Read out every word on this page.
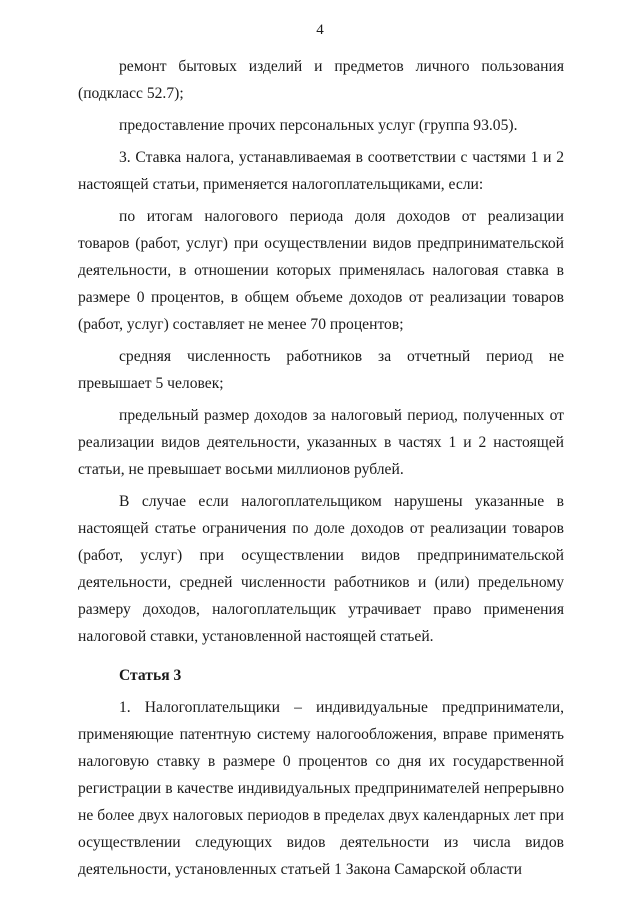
4

ремонт бытовых изделий и предметов личного пользования (подкласс 52.7);

предоставление прочих персональных услуг (группа 93.05).

3. Ставка налога, устанавливаемая в соответствии с частями 1 и 2 настоящей статьи, применяется налогоплательщиками, если:

по итогам налогового периода доля доходов от реализации товаров (работ, услуг) при осуществлении видов предпринимательской деятельности, в отношении которых применялась налоговая ставка в размере 0 процентов, в общем объеме доходов от реализации товаров (работ, услуг) составляет не менее 70 процентов;

средняя численность работников за отчетный период не превышает 5 человек;

предельный размер доходов за налоговый период, полученных от реализации видов деятельности, указанных в частях 1 и 2 настоящей статьи, не превышает восьми миллионов рублей.

В случае если налогоплательщиком нарушены указанные в настоящей статье ограничения по доле доходов от реализации товаров (работ, услуг) при осуществлении видов предпринимательской деятельности, средней численности работников и (или) предельному размеру доходов, налогоплательщик утрачивает право применения налоговой ставки, установленной настоящей статьей.

Статья 3

1. Налогоплательщики – индивидуальные предприниматели, применяющие патентную систему налогообложения, вправе применять налоговую ставку в размере 0 процентов со дня их государственной регистрации в качестве индивидуальных предпринимателей непрерывно не более двух налоговых периодов в пределах двух календарных лет при осуществлении следующих видов деятельности из числа видов деятельности, установленных статьей 1 Закона Самарской области
